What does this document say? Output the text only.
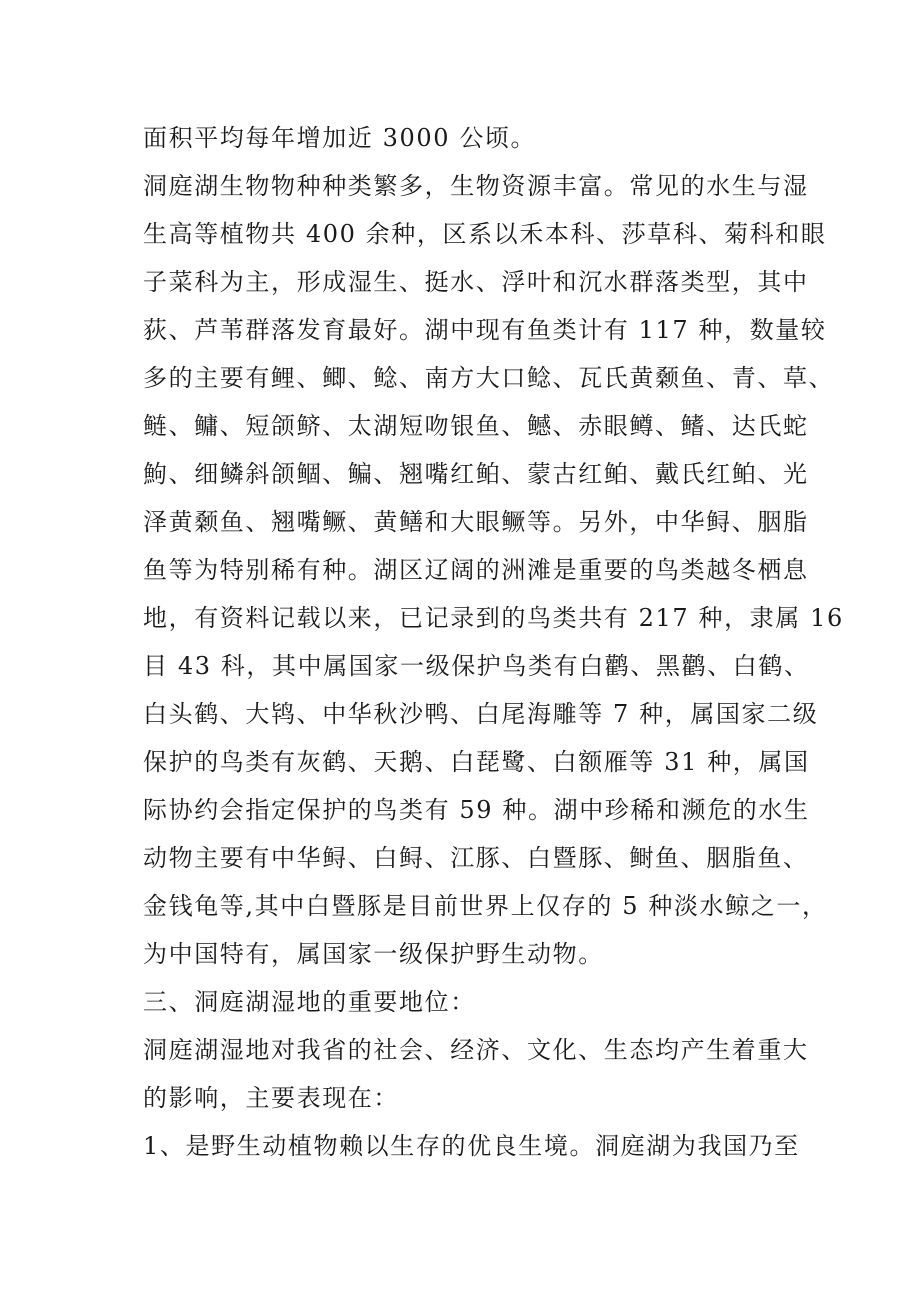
面积平均每年增加近 3000 公顷。
洞庭湖生物物种种类繁多，生物资源丰富。常见的水生与湿
生高等植物共 400 余种，区系以禾本科、莎草科、菊科和眼
子菜科为主，形成湿生、挺水、浮叶和沉水群落类型，其中
荻、芦苇群落发育最好。湖中现有鱼类计有 117 种，数量较
多的主要有鲤、鲫、鲶、南方大口鲶、瓦氏黄颡鱼、青、草、
鲢、鳙、短颌鲚、太湖短吻银鱼、鳡、赤眼鳟、鳍、达氏蛇
鮈、细鳞斜颌鲴、鳊、翘嘴红鲌、蒙古红鲌、戴氏红鲌、光
泽黄颡鱼、翘嘴鳜、黄鳝和大眼鳜等。另外，中华鲟、胭脂
鱼等为特别稀有种。湖区辽阔的洲滩是重要的鸟类越冬栖息
地，有资料记载以来，已记录到的鸟类共有 217 种，隶属 16
目 43 科，其中属国家一级保护鸟类有白鹳、黑鹳、白鹤、
白头鹤、大鸨、中华秋沙鸭、白尾海雕等 7 种，属国家二级
保护的鸟类有灰鹤、天鹅、白琵鹭、白额雁等 31 种，属国
际协约会指定保护的鸟类有 59 种。湖中珍稀和濒危的水生
动物主要有中华鲟、白鲟、江豚、白暨豚、鲥鱼、胭脂鱼、
金钱龟等,其中白暨豚是目前世界上仅存的 5 种淡水鲸之一，
为中国特有，属国家一级保护野生动物。
三、洞庭湖湿地的重要地位：
洞庭湖湿地对我省的社会、经济、文化、生态均产生着重大
的影响，主要表现在：
1、是野生动植物赖以生存的优良生境。洞庭湖为我国乃至
